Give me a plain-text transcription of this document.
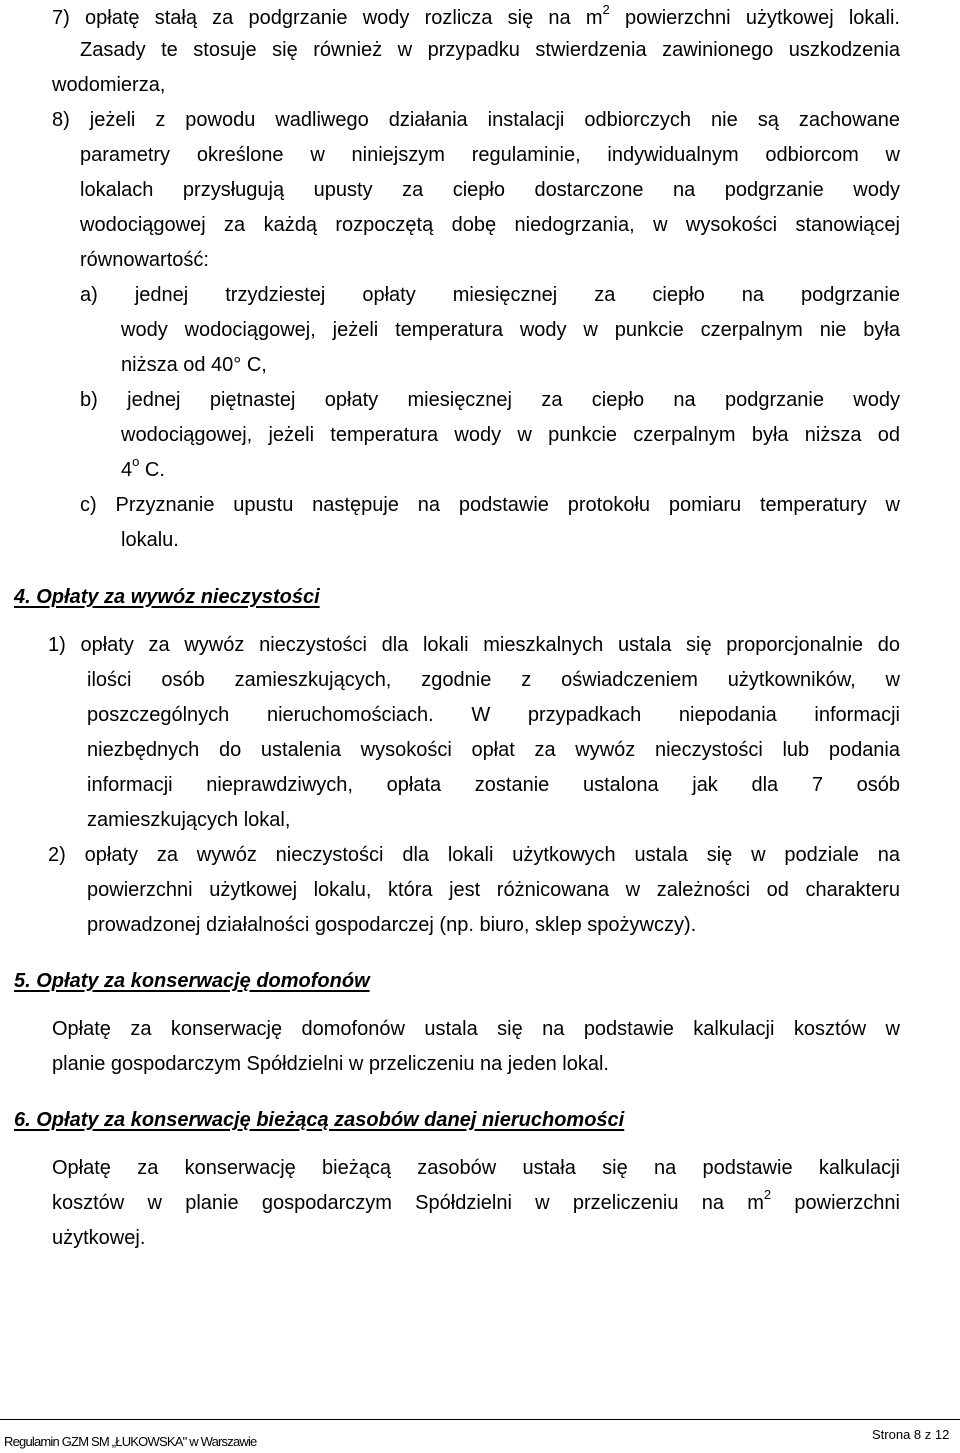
7) opłatę stałą za podgrzanie wody rozlicza się na $m^2$ powierzchni użytkowej lokali.
Zasady te stosuje się również w przypadku stwierdzenia zawinionego uszkodzenia
wodomierza,
8) jeżeli z powodu wadliwego działania instalacji odbiorczych nie są zachowane
parametry określone w niniejszym regulaminie, indywidualnym odbiorcom w
lokalach przysługują upusty za ciepło dostarczone na podgrzanie wody
wodociągowej za każdą rozpoczętą dobę niedogrzania, w wysokości stanowiącej
równowartość:
a) jednej trzydziestej opłaty miesięcznej za ciepło na podgrzanie
wody wodociągowej, jeżeli temperatura wody w punkcie czerpalnym nie była
niższa od 40° C,
b) jednej piętnastej opłaty miesięcznej za ciepło na podgrzanie wody
wodociągowej, jeżeli temperatura wody w punkcie czerpalnym była niższa od
4$^o$ C.
c) Przyznanie upustu następuje na podstawie protokołu pomiaru temperatury w
lokalu.
4. Opłaty za wywóz nieczystości
1) opłaty za wywóz nieczystości dla lokali mieszkalnych ustala się proporcjonalnie do
ilości osób zamieszkujących, zgodnie z oświadczeniem użytkowników, w
poszczególnych nieruchomościach. W przypadkach niepodania informacji
niezbędnych do ustalenia wysokości opłat za wywóz nieczystości lub podania
informacji nieprawdziwych, opłata zostanie ustalona jak dla 7 osób
zamieszkujących lokal,
2) opłaty za wywóz nieczystości dla lokali użytkowych ustala się w podziale na
powierzchni użytkowej lokalu, która jest różnicowana w zależności od charakteru
prowadzonej działalności gospodarczej (np. biuro, sklep spożywczy).
5. Opłaty za konserwację domofonów
Opłatę za konserwację domofonów ustala się na podstawie kalkulacji kosztów w
planie gospodarczym Spółdzielni w przeliczeniu na jeden lokal.
6. Opłaty za konserwację bieżącą zasobów danej nieruchomości
Opłatę za konserwację bieżącą zasobów ustała się na podstawie kalkulacji
kosztów w planie gospodarczym Spółdzielni w przeliczeniu na $m^2$ powierzchni
użytkowej.
Regulamin GZM SM „ŁUKOWSKA" w Warszawie	Strona 8 z 12
